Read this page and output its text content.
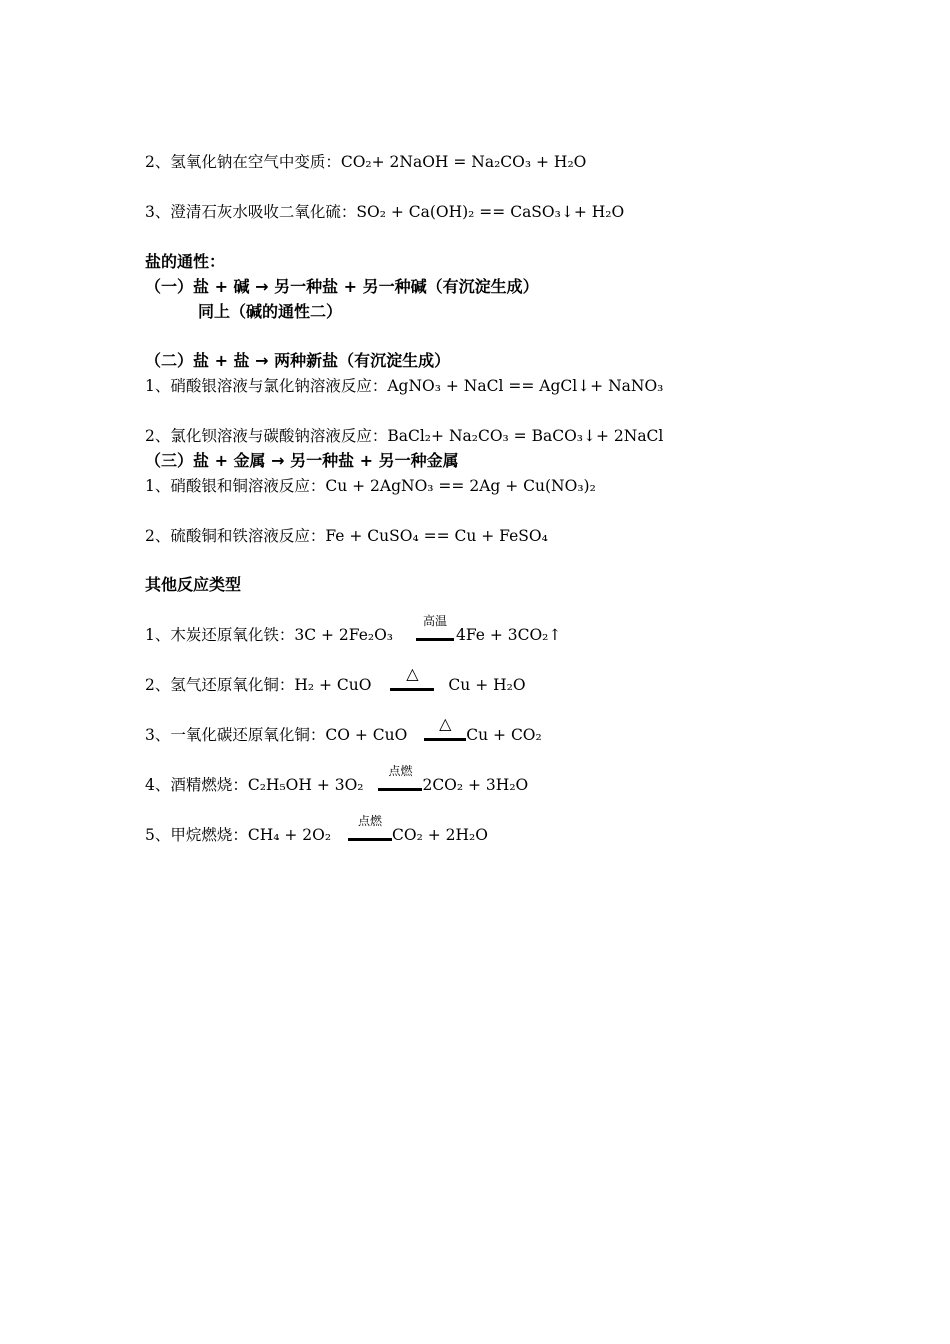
2、氢氧化钠在空气中变质：CO₂+ 2NaOH = Na₂CO₃ + H₂O
3、澄清石灰水吸收二氧化硫：SO₂ + Ca(OH)₂ == CaSO₃↓+ H₂O
盐的通性：
（一）盐 + 碱 → 另一种盐 + 另一种碱（有沉淀生成）
同上（碱的通性二）
（二）盐 + 盐 → 两种新盐（有沉淀生成）
1、硝酸银溶液与氯化钠溶液反应：AgNO₃ + NaCl == AgCl↓+ NaNO₃
2、氯化钡溶液与碳酸钠溶液反应：BaCl₂+ Na₂CO₃ = BaCO₃↓+ 2NaCl
（三）盐 + 金属 → 另一种盐 + 另一种金属
1、硝酸银和铜溶液反应：Cu + 2AgNO₃ == 2Ag + Cu(NO₃)₂
2、硫酸铜和铁溶液反应：Fe + CuSO₄ == Cu + FeSO₄
其他反应类型
1、木炭还原氧化铁：3C + 2Fe₂O₃
高温
4Fe + 3CO₂↑
2、氢气还原氧化铜：H₂ + CuO
△
Cu + H₂O
3、一氧化碳还原氧化铜：CO + CuO
△
Cu + CO₂
4、酒精燃烧：C₂H₅OH + 3O₂
点燃
2CO₂ + 3H₂O
5、甲烷燃烧：CH₄ + 2O₂
点燃
CO₂ + 2H₂O
